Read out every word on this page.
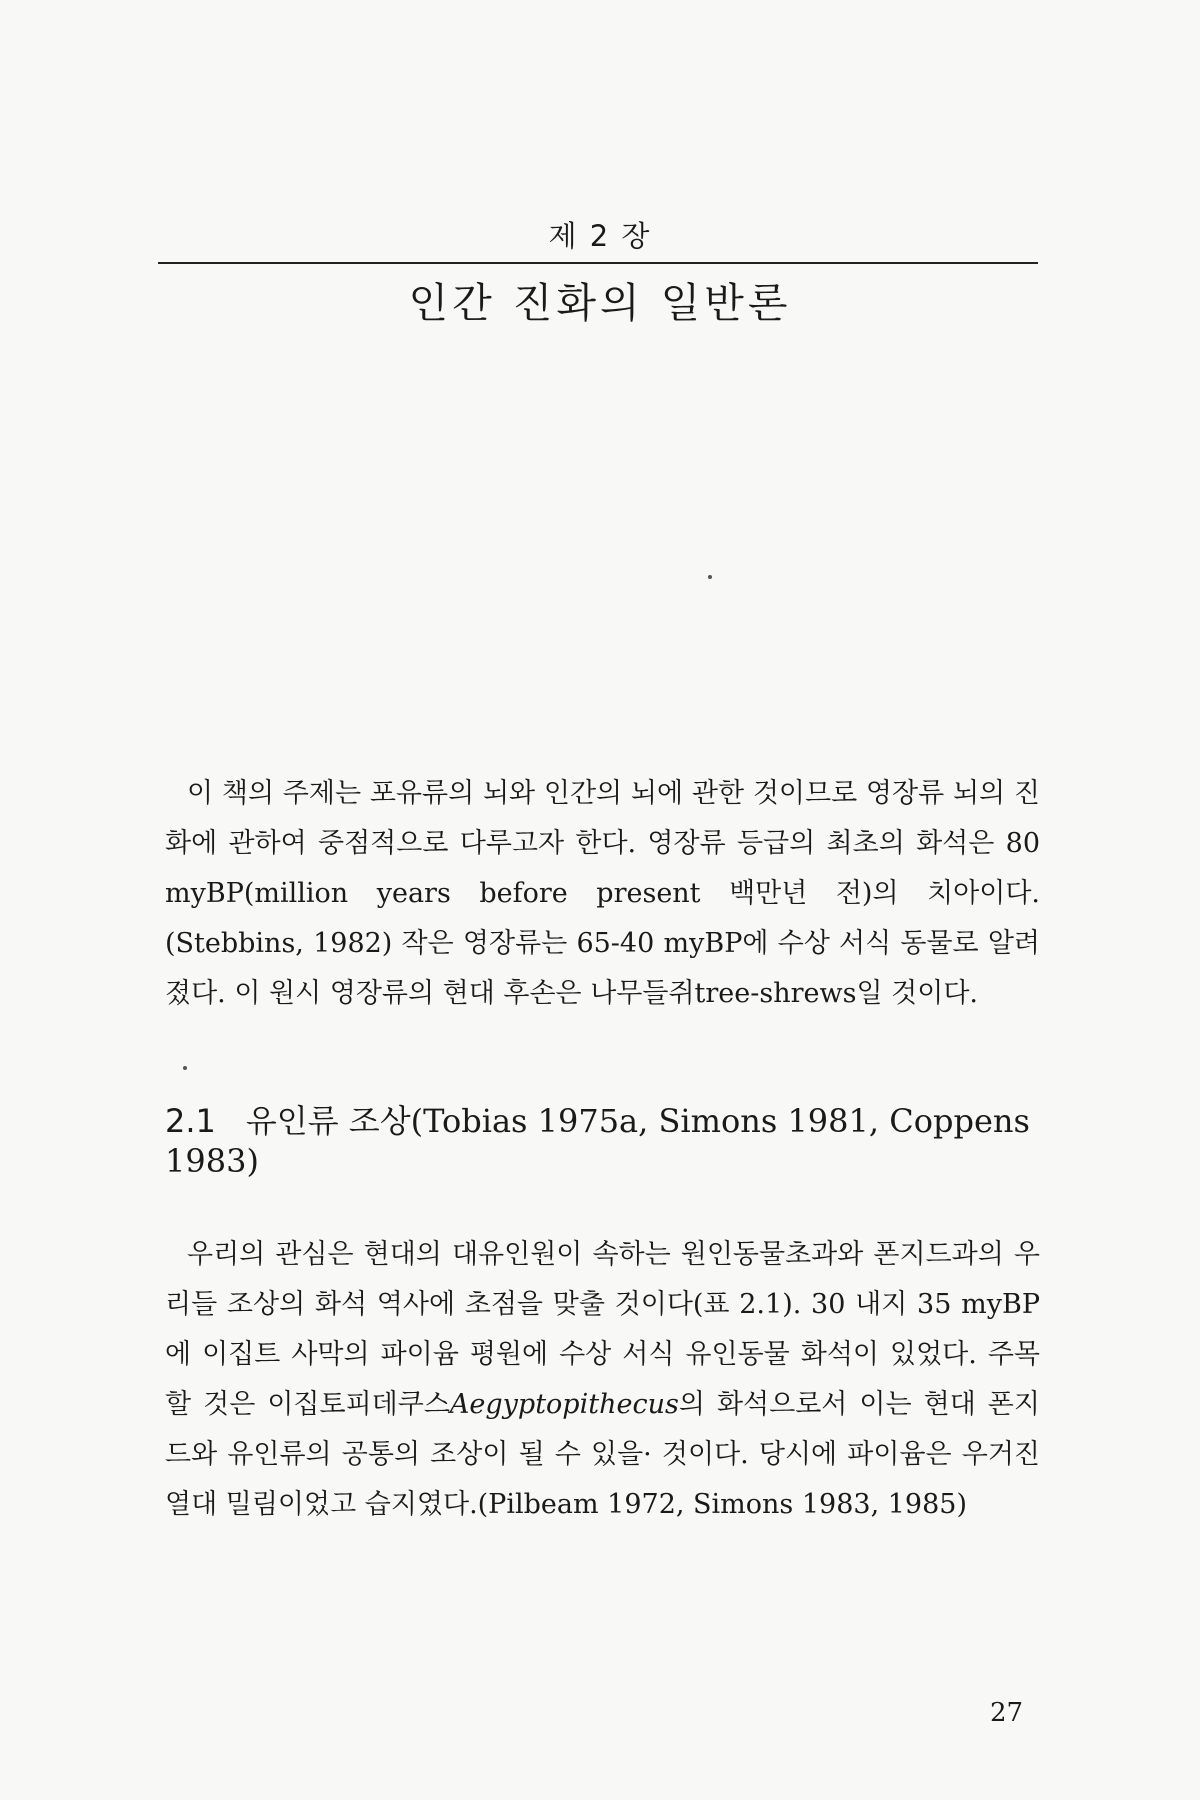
제 2 장
인간 진화의 일반론

이 책의 주제는 포유류의 뇌와 인간의 뇌에 관한 것이므로 영장류 뇌의 진화에 관하여 중점적으로 다루고자 한다. 영장류 등급의 최초의 화석은 80 myBP(million years before present 백만년 전)의 치아이다. (Stebbins, 1982) 작은 영장류는 65-40 myBP에 수상 서식 동물로 알려졌다. 이 원시 영장류의 현대 후손은 나무들쥐tree-shrews일 것이다.

2.1 유인류 조상(Tobias 1975a, Simons 1981, Coppens 1983)

우리의 관심은 현대의 대유인원이 속하는 원인동물초과와 폰지드과의 우리들 조상의 화석 역사에 초점을 맞출 것이다(표 2.1). 30 내지 35 myBP에 이집트 사막의 파이윰 평원에 수상 서식 유인동물 화석이 있었다. 주목할 것은 이집토피데쿠스Aegyptopithecus의 화석으로서 이는 현대 폰지드와 유인류의 공통의 조상이 될 수 있을· 것이다. 당시에 파이윰은 우거진 열대 밀림이었고 습지였다.(Pilbeam 1972, Simons 1983, 1985)

27
